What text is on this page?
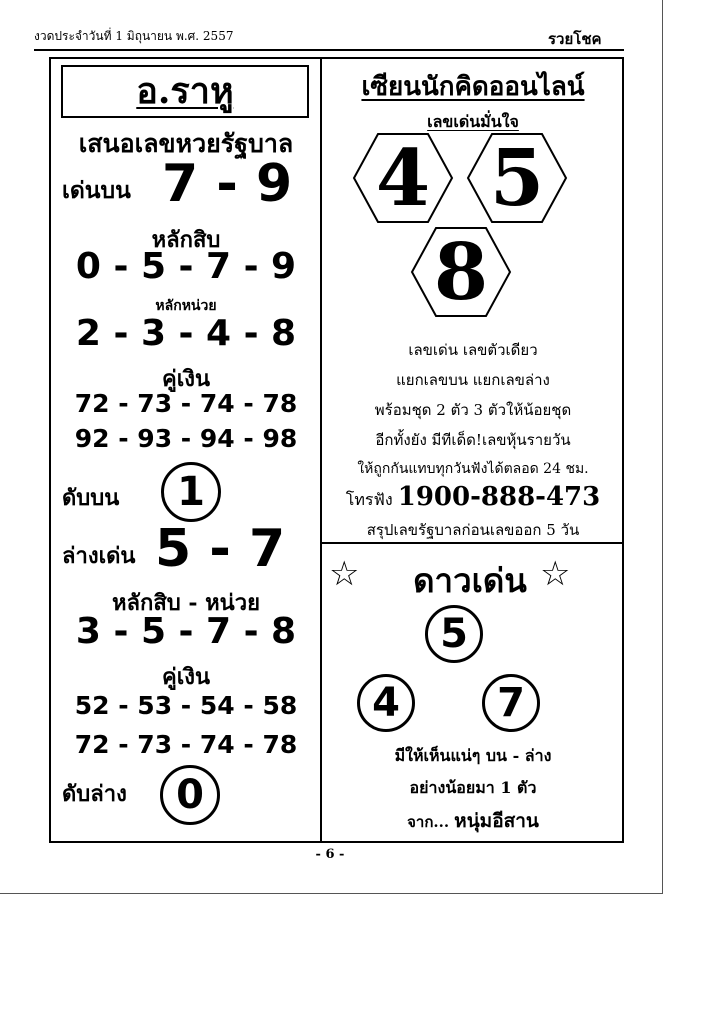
งวดประจำวันที่ 1 มิถุนายน พ.ศ. 2557	รวยโชค
อ.ราหู
เสนอเลขหวยรัฐบาล
เด่นบน 7 - 9
หลักสิบ
0 - 5 - 7 - 9
หลักหน่วย
2 - 3 - 4 - 8
คู่เงิน
72 - 73 - 74 - 78
92 - 93 - 94 - 98
ดับบน	1
ล่างเด่น 5 - 7
หลักสิบ - หน่วย
3 - 5 - 7 - 8
คู่เงิน
52 - 53 - 54 - 58
72 - 73 - 74 - 78
ดับล่าง	0
เซียนนักคิดออนไลน์
เลขเด่นมั่นใจ
4 5
8
เลขเด่น เลขตัวเดียว
แยกเลขบน แยกเลขล่าง
พร้อมชุด 2 ตัว 3 ตัวให้น้อยชุด
อีกทั้งยัง มีทีเด็ด!เลขหุ้นรายวัน
ให้ถูกกันแทบทุกวันฟังได้ตลอด 24 ชม.
โทรฟัง 1900-888-473
สรุปเลขรัฐบาลก่อนเลขออก 5 วัน
☆	ดาวเด่น ☆
5
4	7
มีให้เห็นแน่ๆ บน - ล่าง
อย่างน้อยมา 1 ตัว
จาก... หนุ่มอีสาน
- 6 -
